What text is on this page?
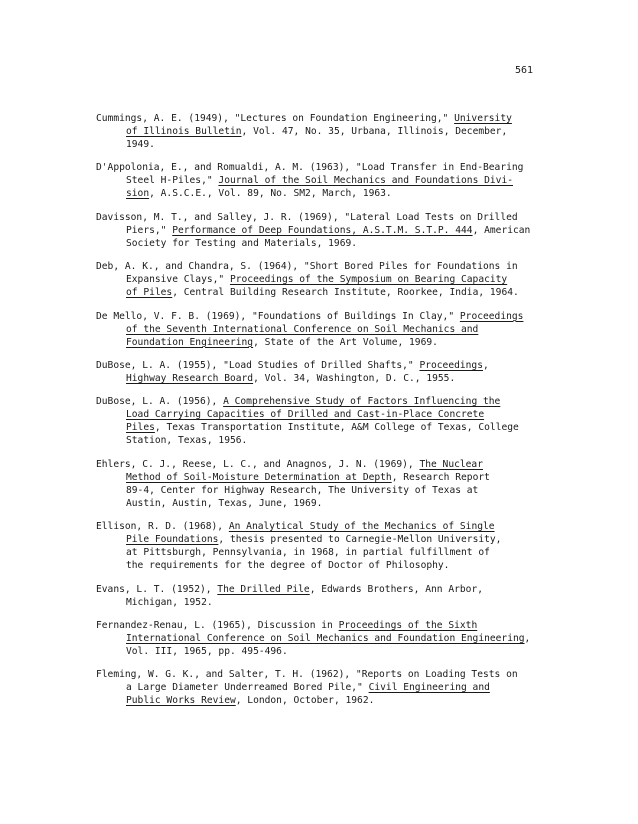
561
Cummings, A. E. (1949), "Lectures on Foundation Engineering," University
of Illinois Bulletin, Vol. 47, No. 35, Urbana, Illinois, December,
1949.
D'Appolonia, E., and Romualdi, A. M. (1963), "Load Transfer in End-Bearing
Steel H-Piles," Journal of the Soil Mechanics and Foundations Divi-
sion, A.S.C.E., Vol. 89, No. SM2, March, 1963.
Davisson, M. T., and Salley, J. R. (1969), "Lateral Load Tests on Drilled
Piers," Performance of Deep Foundations, A.S.T.M. S.T.P. 444, American
Society for Testing and Materials, 1969.
Deb, A. K., and Chandra, S. (1964), "Short Bored Piles for Foundations in
Expansive Clays," Proceedings of the Symposium on Bearing Capacity
of Piles, Central Building Research Institute, Roorkee, India, 1964.
De Mello, V. F. B. (1969), "Foundations of Buildings In Clay," Proceedings
of the Seventh International Conference on Soil Mechanics and
Foundation Engineering, State of the Art Volume, 1969.
DuBose, L. A. (1955), "Load Studies of Drilled Shafts," Proceedings,
Highway Research Board, Vol. 34, Washington, D. C., 1955.
DuBose, L. A. (1956), A Comprehensive Study of Factors Influencing the
Load Carrying Capacities of Drilled and Cast-in-Place Concrete
Piles, Texas Transportation Institute, A&M College of Texas, College
Station, Texas, 1956.
Ehlers, C. J., Reese, L. C., and Anagnos, J. N. (1969), The Nuclear
Method of Soil-Moisture Determination at Depth, Research Report
89-4, Center for Highway Research, The University of Texas at
Austin, Austin, Texas, June, 1969.
Ellison, R. D. (1968), An Analytical Study of the Mechanics of Single
Pile Foundations, thesis presented to Carnegie-Mellon University,
at Pittsburgh, Pennsylvania, in 1968, in partial fulfillment of
the requirements for the degree of Doctor of Philosophy.
Evans, L. T. (1952), The Drilled Pile, Edwards Brothers, Ann Arbor,
Michigan, 1952.
Fernandez-Renau, L. (1965), Discussion in Proceedings of the Sixth
International Conference on Soil Mechanics and Foundation Engineering,
Vol. III, 1965, pp. 495-496.
Fleming, W. G. K., and Salter, T. H. (1962), "Reports on Loading Tests on
a Large Diameter Underreamed Bored Pile," Civil Engineering and
Public Works Review, London, October, 1962.
